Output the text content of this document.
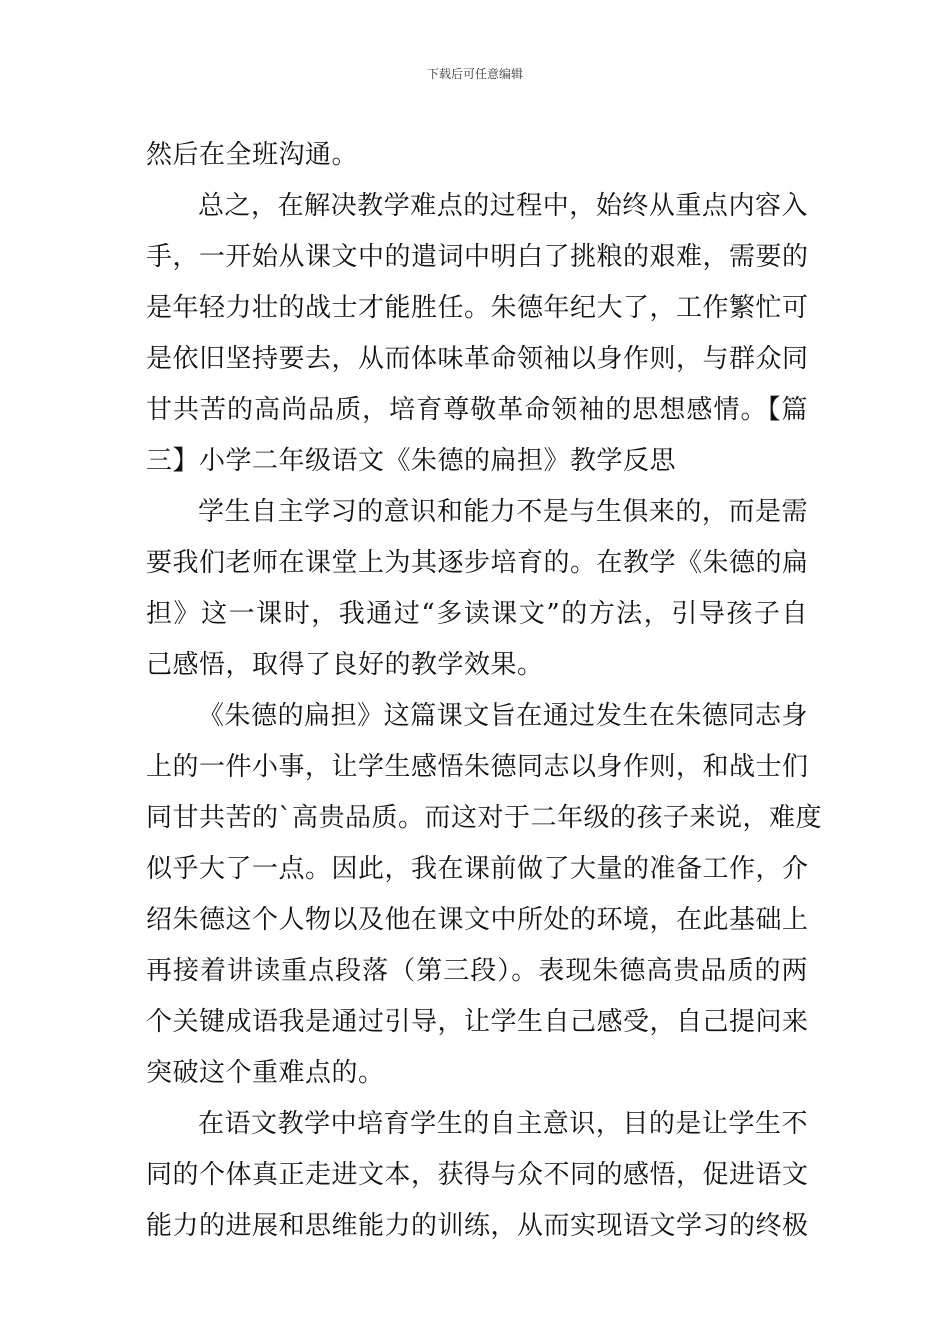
下载后可任意编辑
然后在全班沟通。
总之，在解决教学难点的过程中，始终从重点内容入
手，一开始从课文中的遣词中明白了挑粮的艰难，需要的
是年轻力壮的战士才能胜任。朱德年纪大了，工作繁忙可
是依旧坚持要去，从而体味革命领袖以身作则，与群众同
甘共苦的高尚品质，培育尊敬革命领袖的思想感情。【篇
三】小学二年级语文《朱德的扁担》教学反思
学生自主学习的意识和能力不是与生俱来的，而是需
要我们老师在课堂上为其逐步培育的。在教学《朱德的扁
担》这一课时，我通过“多读课文”的方法，引导孩子自
己感悟，取得了良好的教学效果。
《朱德的扁担》这篇课文旨在通过发生在朱德同志身
上的一件小事，让学生感悟朱德同志以身作则，和战士们
同甘共苦的`高贵品质。而这对于二年级的孩子来说，难度
似乎大了一点。因此，我在课前做了大量的准备工作，介
绍朱德这个人物以及他在课文中所处的环境，在此基础上
再接着讲读重点段落（第三段）。表现朱德高贵品质的两
个关键成语我是通过引导，让学生自己感受，自己提问来
突破这个重难点的。
在语文教学中培育学生的自主意识，目的是让学生不
同的个体真正走进文本，获得与众不同的感悟，促进语文
能力的进展和思维能力的训练，从而实现语文学习的终极
